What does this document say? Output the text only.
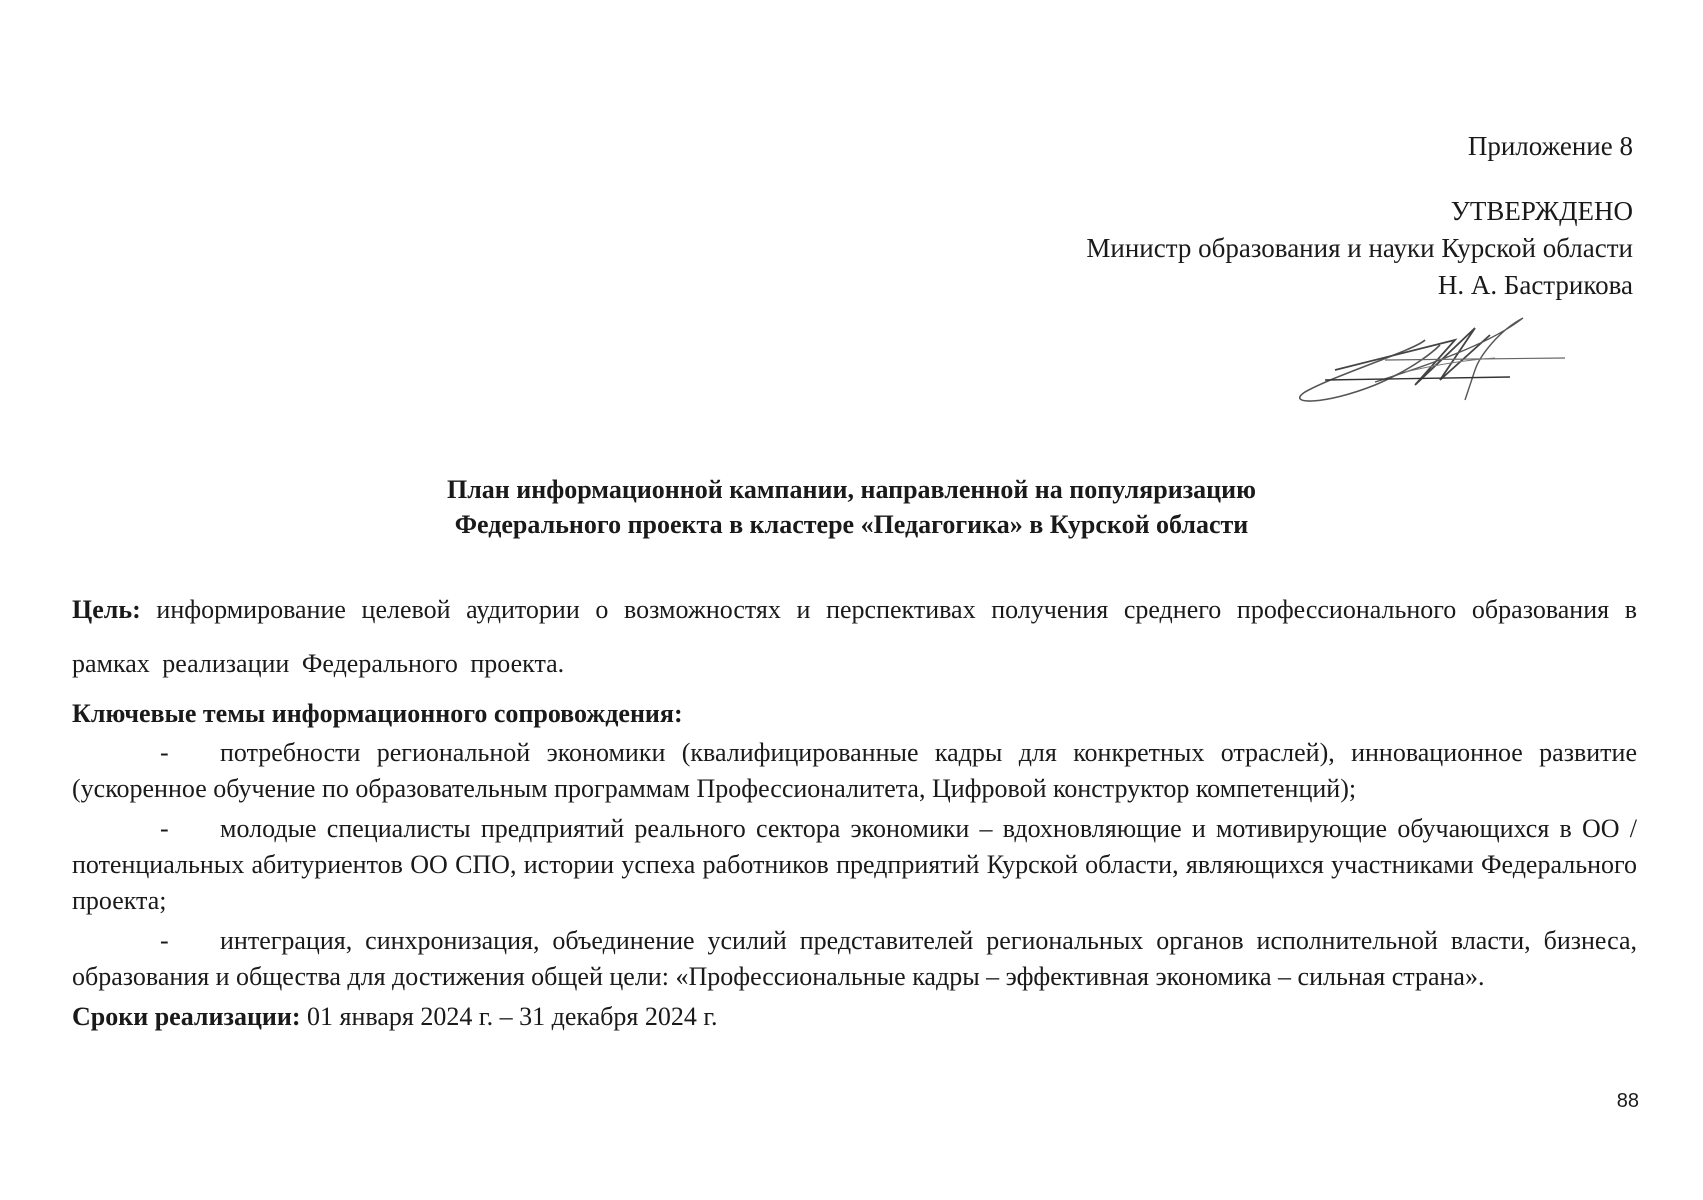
Приложение 8
УТВЕРЖДЕНО
Министр образования и науки Курской области
Н. А. Бастрикова
План информационной кампании, направленной на популяризацию
Федерального проекта в кластере «Педагогика» в Курской области

Цель: информирование целевой аудитории о возможностях и перспективах получения среднего профессионального образования в рамках реализации Федерального проекта.

Ключевые темы информационного сопровождения:

- потребности региональной экономики (квалифицированные кадры для конкретных отраслей), инновационное развитие (ускоренное обучение по образовательным программам Профессионалитета, Цифровой конструктор компетенций);

- молодые специалисты предприятий реального сектора экономики – вдохновляющие и мотивирующие обучающихся в ОО / потенциальных абитуриентов ОО СПО, истории успеха работников предприятий Курской области, являющихся участниками Федерального проекта;

- интеграция, синхронизация, объединение усилий представителей региональных органов исполнительной власти, бизнеса, образования и общества для достижения общей цели: «Профессиональные кадры – эффективная экономика – сильная страна».

Сроки реализации: 01 января 2024 г. – 31 декабря 2024 г.

88
